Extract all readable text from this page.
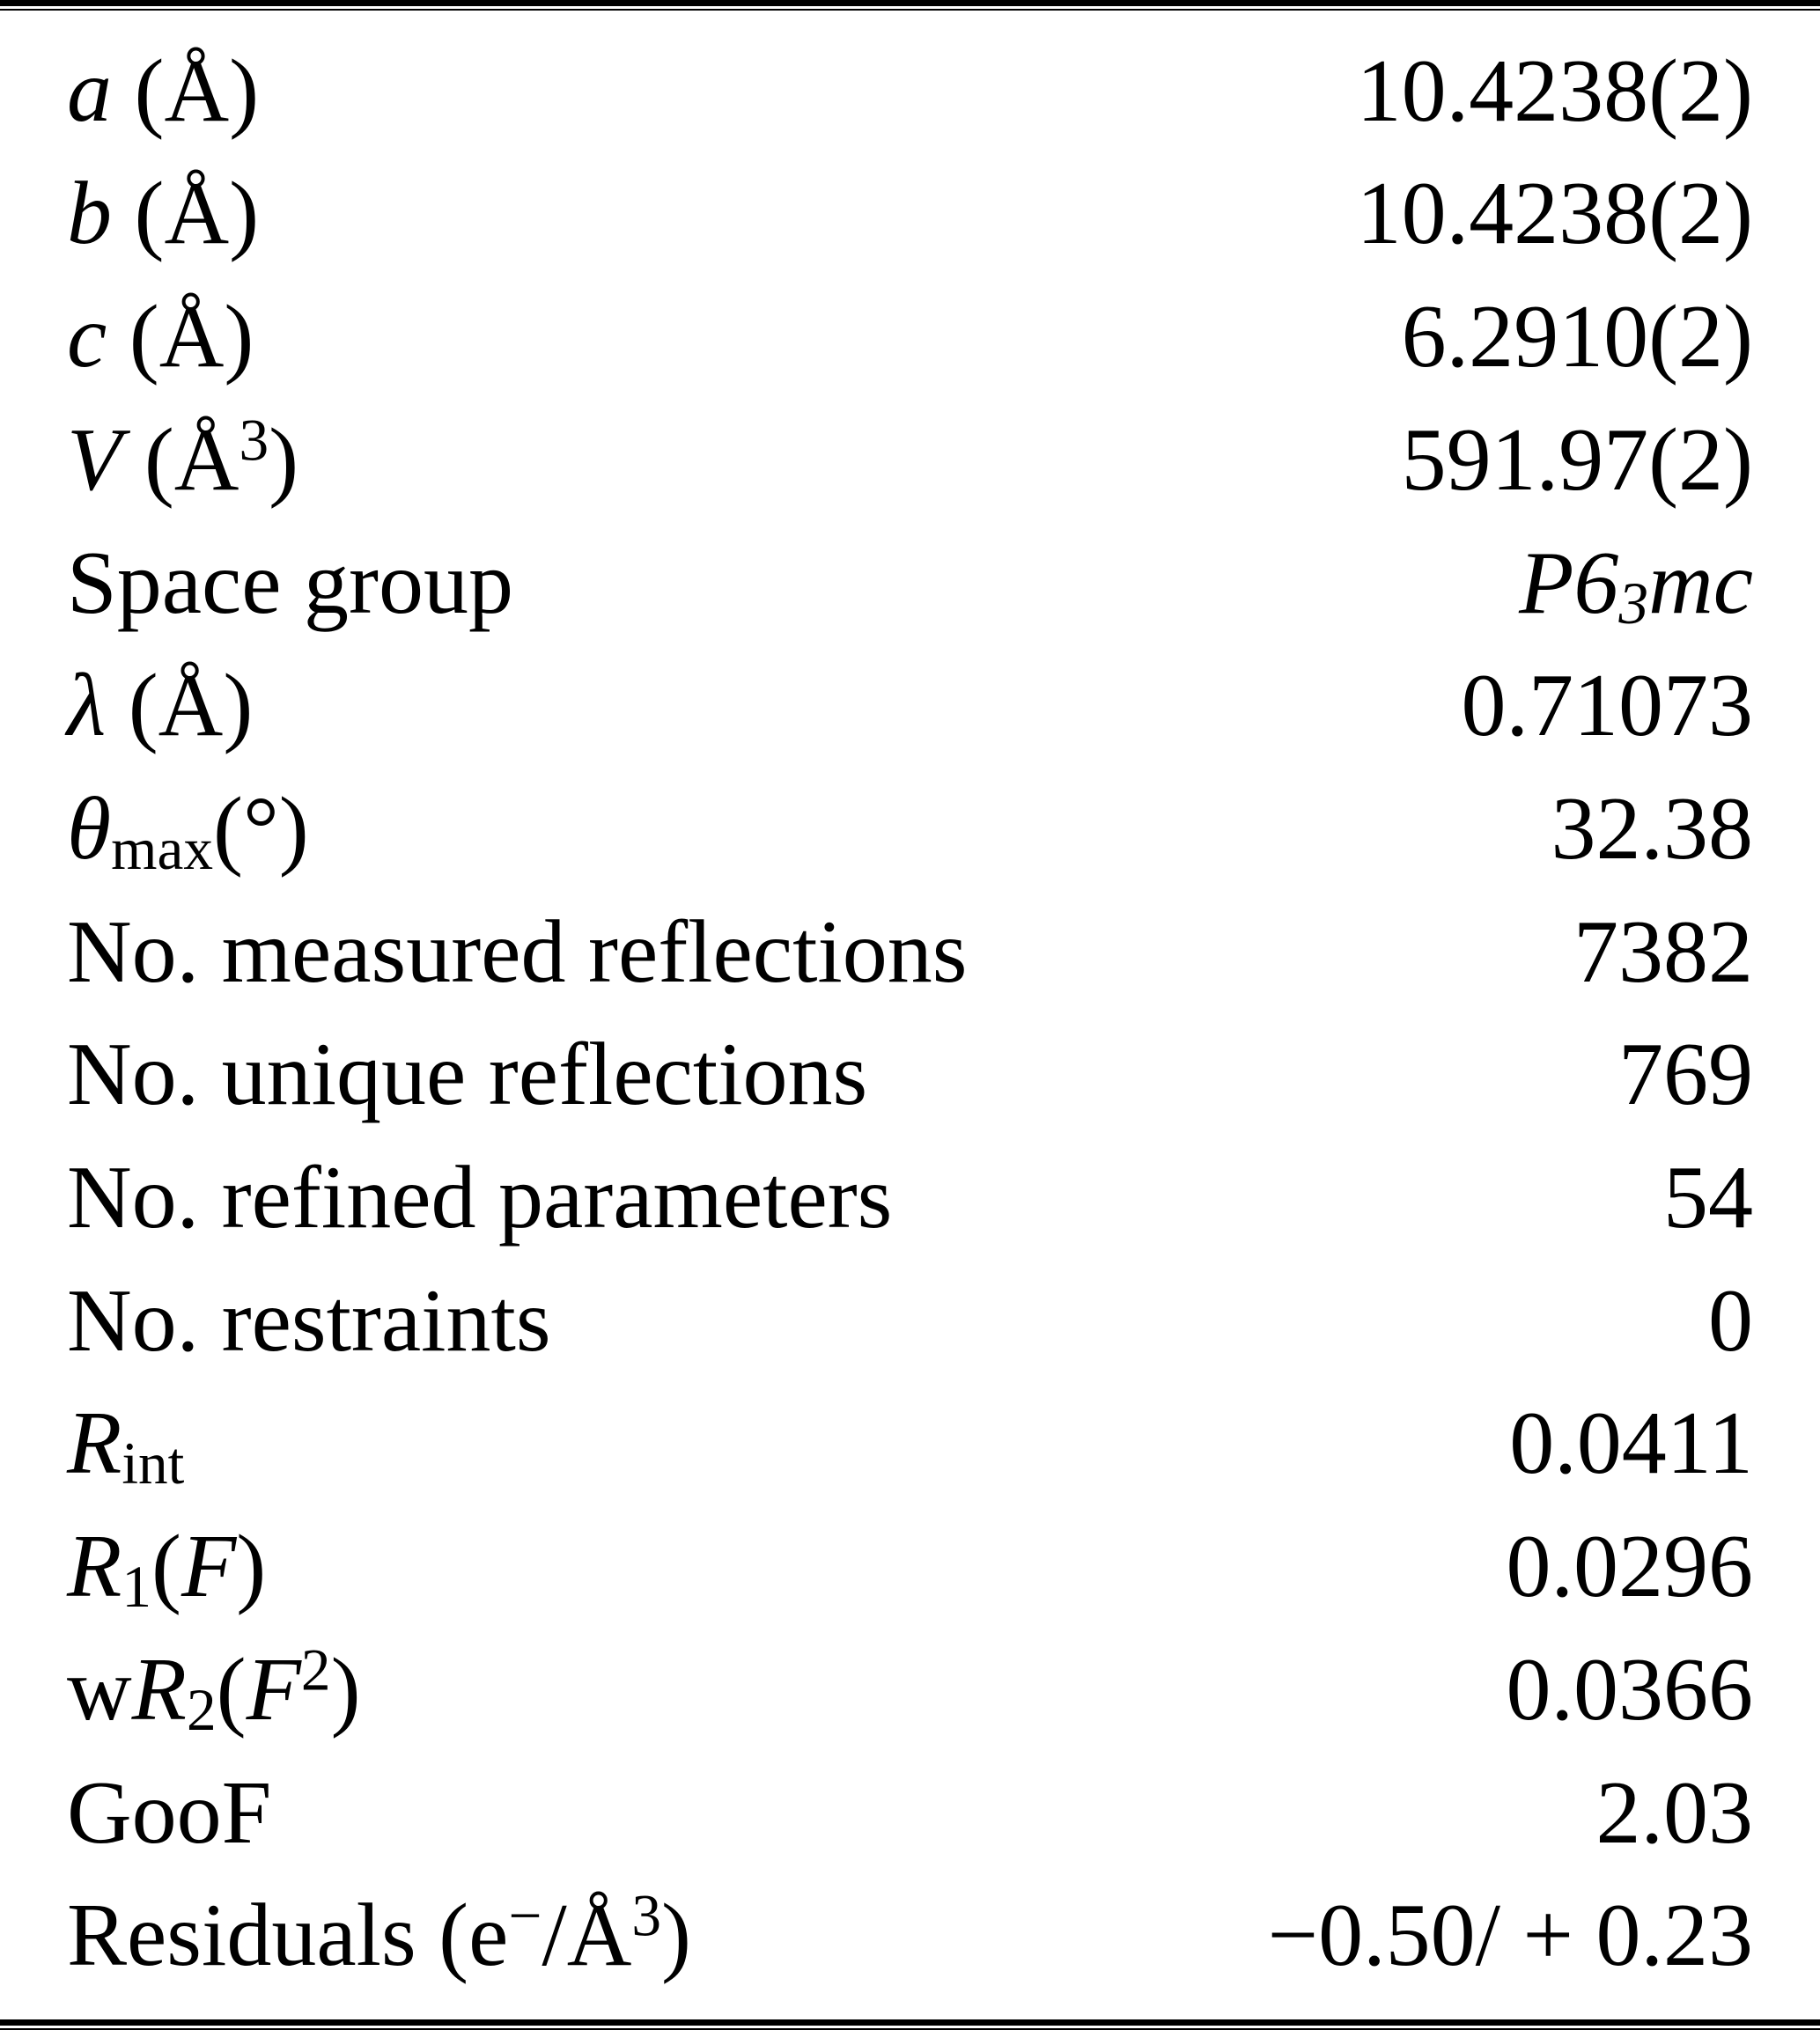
a (Å)	10.4238(2)
b (Å)	10.4238(2)
c (Å)	6.2910(2)
V $(Å^3)$	591.97(2)
Space group	$P6_3mc$
λ (Å)	0.71073
$\theta_{max}(^\circ)$	32.38
No. measured reflections	7382
No. unique reflections	769
No. refined parameters	54
No. restraints	0
$R_{int}$	0.0411
$R_1(F)$	0.0296
$wR_2(F^2)$	0.0366
GooF	2.03
Residuals $(e^-/Å^3)$	−0.50/ + 0.23
